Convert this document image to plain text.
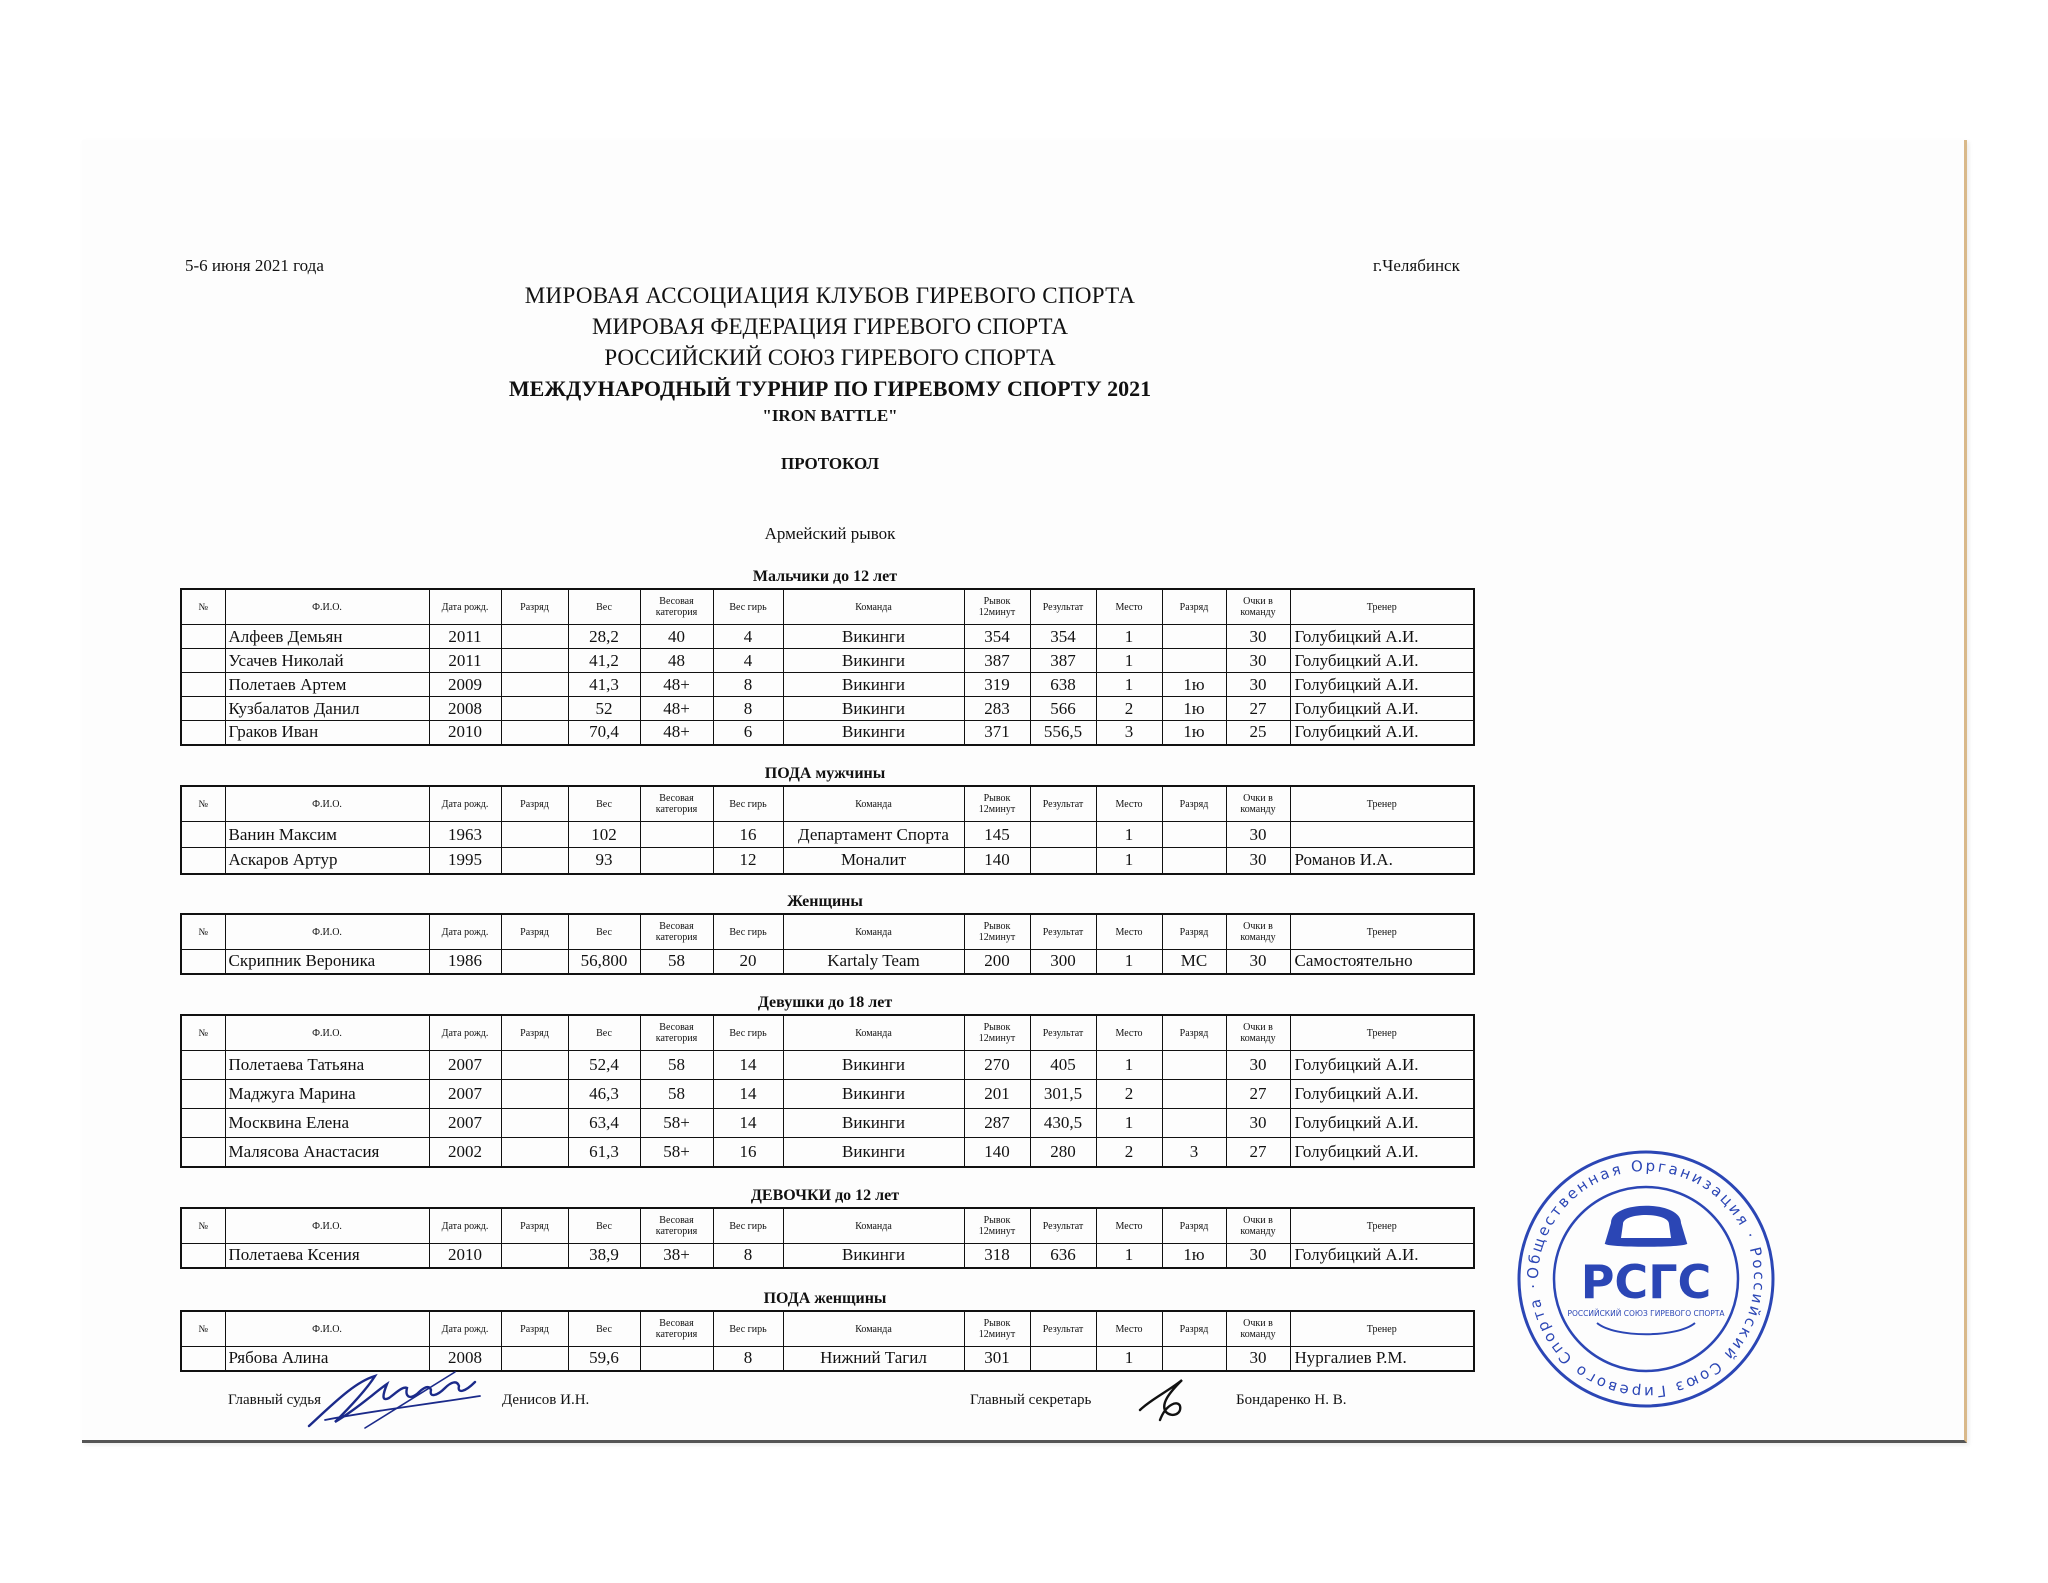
5-6 июня 2021 года	г.Челябинск
МИРОВАЯ АССОЦИАЦИЯ КЛУБОВ ГИРЕВОГО СПОРТА
МИРОВАЯ ФЕДЕРАЦИЯ ГИРЕВОГО СПОРТА
РОССИЙСКИЙ СОЮЗ ГИРЕВОГО СПОРТА
МЕЖДУНАРОДНЫЙ ТУРНИР ПО ГИРЕВОМУ СПОРТУ 2021
"IRON BATTLE"
ПРОТОКОЛ
Армейский рывок
Мальчики до 12 лет
№	Ф.И.О.	Дата рожд.	Разряд	Вес	Весовая категория	Вес гирь	Команда	Рывок 12минут	Результат	Место	Разряд	Очки в команду	Тренер
	Алфеев Демьян	2011		28,2	40	4	Викинги	354	354	1		30	Голубицкий А.И.
	Усачев Николай	2011		41,2	48	4	Викинги	387	387	1		30	Голубицкий А.И.
	Полетаев Артем	2009		41,3	48+	8	Викинги	319	638	1	1ю	30	Голубицкий А.И.
	Кузбалатов Данил	2008		52	48+	8	Викинги	283	566	2	1ю	27	Голубицкий А.И.
	Граков Иван	2010		70,4	48+	6	Викинги	371	556,5	3	1ю	25	Голубицкий А.И.
ПОДА мужчины
№	Ф.И.О.	Дата рожд.	Разряд	Вес	Весовая категория	Вес гирь	Команда	Рывок 12минут	Результат	Место	Разряд	Очки в команду	Тренер
	Ванин Максим	1963		102		16	Департамент Спорта	145		1		30	
	Аскаров Артур	1995		93		12	Моналит	140		1		30	Романов И.А.
Женщины
№	Ф.И.О.	Дата рожд.	Разряд	Вес	Весовая категория	Вес гирь	Команда	Рывок 12минут	Результат	Место	Разряд	Очки в команду	Тренер
	Скрипник Вероника	1986		56,800	58	20	Kartaly Team	200	300	1	МС	30	Самостоятельно
Девушки до 18 лет
№	Ф.И.О.	Дата рожд.	Разряд	Вес	Весовая категория	Вес гирь	Команда	Рывок 12минут	Результат	Место	Разряд	Очки в команду	Тренер
	Полетаева Татьяна	2007		52,4	58	14	Викинги	270	405	1		30	Голубицкий А.И.
	Маджуга Марина	2007		46,3	58	14	Викинги	201	301,5	2		27	Голубицкий А.И.
	Москвина Елена	2007		63,4	58+	14	Викинги	287	430,5	1		30	Голубицкий А.И.
	Малясова Анастасия	2002		61,3	58+	16	Викинги	140	280	2	3	27	Голубицкий А.И.
ДЕВОЧКИ до 12 лет
№	Ф.И.О.	Дата рожд.	Разряд	Вес	Весовая категория	Вес гирь	Команда	Рывок 12минут	Результат	Место	Разряд	Очки в команду	Тренер
	Полетаева Ксения	2010		38,9	38+	8	Викинги	318	636	1	1ю	30	Голубицкий А.И.
ПОДА женщины
№	Ф.И.О.	Дата рожд.	Разряд	Вес	Весовая категория	Вес гирь	Команда	Рывок 12минут	Результат	Место	Разряд	Очки в команду	Тренер
	Рябова Алина	2008		59,6		8	Нижний Тагил	301		1		30	Нургалиев Р.М.
Главный судья	Денисов И.Н.	Главный секретарь	Бондаренко Н. В.
Общественная Организация · Российский Союз Гиревого Спорта · РСГС
РОССИЙСКИЙ СОЮЗ ГИРЕВОГО СПОРТА
